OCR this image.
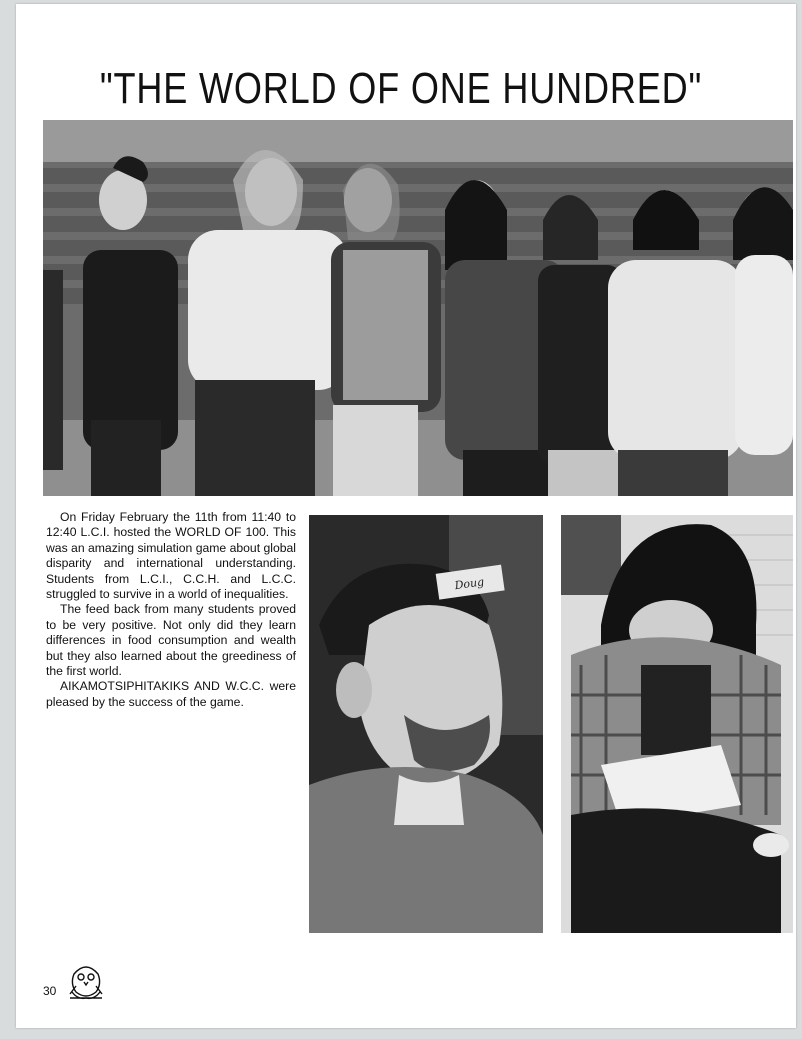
"THE WORLD OF ONE HUNDRED"

On Friday February the 11th from 11:40 to 12:40 L.C.I. hosted the WORLD OF 100. This was an amazing simulation game about global disparity and international understanding. Students from L.C.I., C.C.H. and L.C.C. struggled to survive in a world of inequalities.

The feed back from many students proved to be very positive. Not only did they learn differences in food consumption and wealth but they also learned about the greediness of the first world.

AIKAMOTSIPHITAKIKS AND W.C.C. were pleased by the success of the game.

Doug
30
